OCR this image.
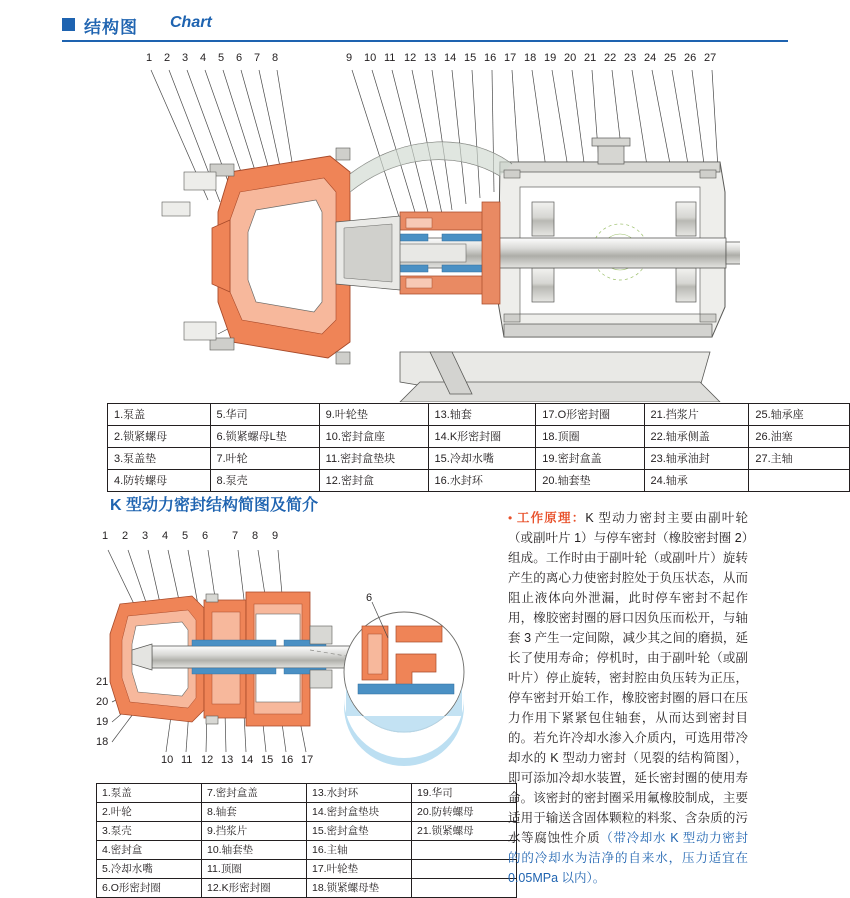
结构图 Chart
1 2 3 4 5 6 7 8	9 10 11 12 13 14 15 16 17 18 19 20 21 22 23 24 25 26 27
1.泵盖	5.华司	9.叶轮垫	13.轴套	17.O形密封圈	21.挡浆片	25.轴承座
2.锁紧螺母	6.锁紧螺母L垫	10.密封盒座	14.K形密封圈	18.顶圈	22.轴承侧盖	26.油塞
3.泵盖垫	7.叶轮	11.密封盒垫块	15.冷却水嘴	19.密封盒盖	23.轴承油封	27.主轴
4.防转螺母	8.泵壳	12.密封盒	16.水封环	20.轴套垫	24.轴承	
K 型动力密封结构简图及简介
1 2 3 4 5 6 7 8 9
21
20
19
18
17
16
15
14
13
12
11
10
6
1.泵盖	7.密封盒盖	13.水封环	19.华司
2.叶轮	8.轴套	14.密封盒垫块	20.防转螺母
3.泵壳	9.挡浆片	15.密封盒垫	21.锁紧螺母
4.密封盒	10.轴套垫	16.主轴	
5.冷却水嘴	11.顶圈	17.叶轮垫	
6.O形密封圈	12.K形密封圈	18.锁紧螺母垫	

• 工作原理：K 型动力密封主要由副叶轮（或副叶片 1）与停车密封（橡胶密封圈 2）组成。工作时由于副叶轮（或副叶片）旋转产生的离心力使密封腔处于负压状态，从而阻止液体向外泄漏，此时停车密封不起作用，橡胶密封圈的唇口因负压而松开，与轴套 3 产生一定间隙，减少其之间的磨损，延长了使用寿命；停机时，由于副叶轮（或副叶片）停止旋转，密封腔由负压转为正压，停车密封开始工作，橡胶密封圈的唇口在压力作用下紧紧包住轴套，从而达到密封目的。若允许冷却水渗入介质内，可选用带冷却水的 K 型动力密封（见裂的结构简图），即可添加冷却水装置，延长密封圈的使用寿命。该密封的密封圈采用氟橡胶制成，主要适用于输送含固体颗粒的料浆、含杂质的污水等腐蚀性介质（带冷却水 K 型动力密封的的冷却水为洁净的自来水，压力适宜在 0.05MPa 以内）。
